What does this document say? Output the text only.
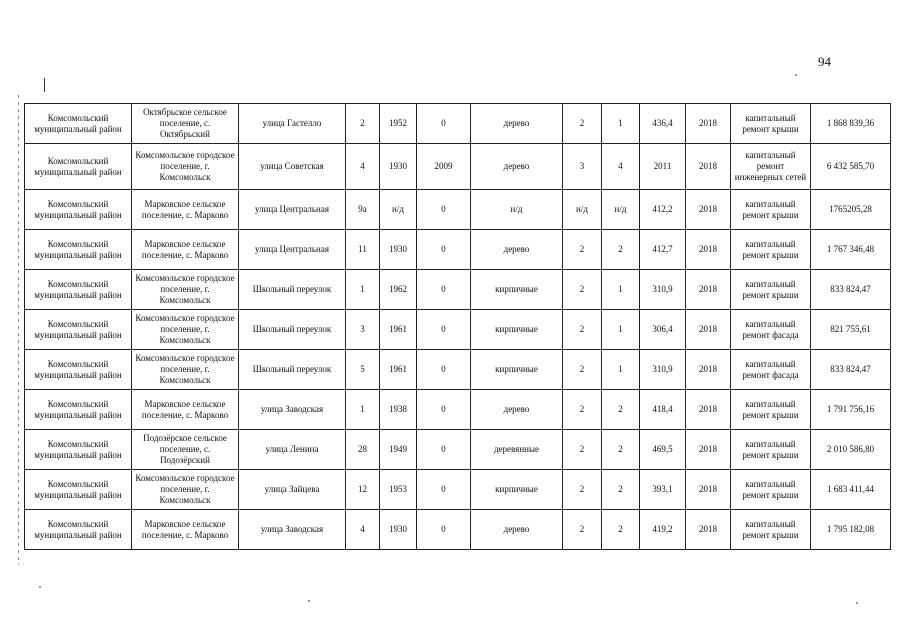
94
Комсомольский муниципальный район	Октябрьское сельское поселение, с. Октябрьский	улица Гастелло	2	1952	0	дерево	2	1	436,4	2018	капитальный ремонт крыши	1 868 839,36
Комсомольский муниципальный район	Комсомольское городское поселение, г. Комсомольск	улица Советская	4	1930	2009	дерево	3	4	2011	2018	капитальный ремонт инженерных сетей	6 432 585,70
Комсомольский муниципальный район	Марковское сельское поселение, с. Марково	улица Центральная	9а	н/д	0	н/д	н/д	н/д	412,2	2018	капитальный ремонт крыши	1765205,28
Комсомольский муниципальный район	Марковское сельское поселение, с. Марково	улица Центральная	11	1930	0	дерево	2	2	412,7	2018	капитальный ремонт крыши	1 767 346,48
Комсомольский муниципальный район	Комсомольское городское поселение, г. Комсомольск	Школьный переулок	1	1962	0	кирпичные	2	1	310,9	2018	капитальный ремонт крыши	833 824,47
Комсомольский муниципальный район	Комсомольское городское поселение, г. Комсомольск	Школьный переулок	3	1961	0	кирпичные	2	1	306,4	2018	капитальный ремонт фасада	821 755,61
Комсомольский муниципальный район	Комсомольское городское поселение, г. Комсомольск	Школьный переулок	5	1961	0	кирпичные	2	1	310,9	2018	капитальный ремонт фасада	833 824,47
Комсомольский муниципальный район	Марковское сельское поселение, с. Марково	улица Заводская	1	1938	0	дерево	2	2	418,4	2018	капитальный ремонт крыши	1 791 756,16
Комсомольский муниципальный район	Подозёрское сельское поселение, с. Подозёрский	улица Ленина	28	1949	0	деревянные	2	2	469,5	2018	капитальный ремонт крыши	2 010 586,80
Комсомольский муниципальный район	Комсомольское городское поселение, г. Комсомольск	улица Зайцева	12	1953	0	кирпичные	2	2	393,1	2018	капитальный ремонт крыши	1 683 411,44
Комсомольский муниципальный район	Марковское сельское поселение, с. Марково	улица Заводская	4	1930	0	дерево	2	2	419,2	2018	капитальный ремонт крыши	1 795 182,08
